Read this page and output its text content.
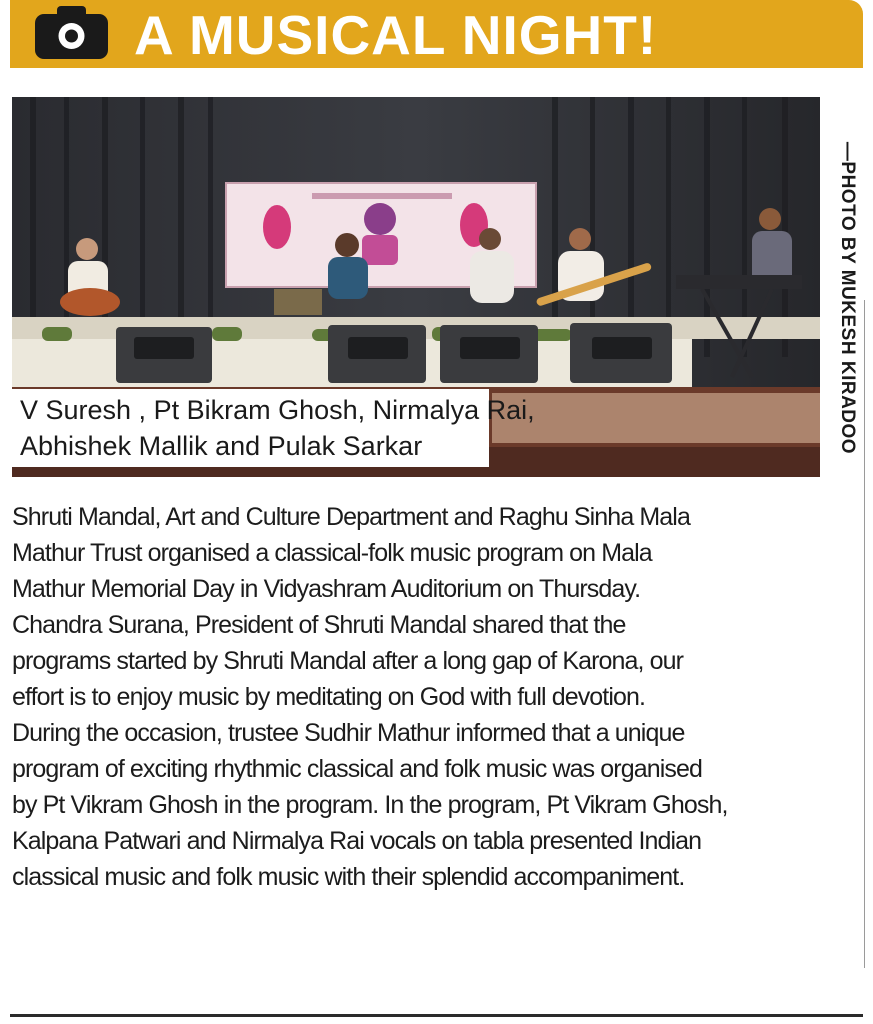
A MUSICAL NIGHT!
V Suresh , Pt Bikram Ghosh, Nirmalya Rai,
Abhishek Mallik and Pulak Sarkar	—PHOTO BY MUKESH KIRADOO
Shruti Mandal, Art and Culture Department and Raghu Sinha Mala
Mathur Trust organised a classical-folk music program on Mala
Mathur Memorial Day in Vidyashram Auditorium on Thursday.
Chandra Surana, President of Shruti Mandal shared that the
programs started by Shruti Mandal after a long gap of Karona, our
effort is to enjoy music by meditating on God with full devotion.
During the occasion, trustee Sudhir Mathur informed that a unique
program of exciting rhythmic classical and folk music was organised
by Pt Vikram Ghosh in the program. In the program, Pt Vikram Ghosh,
Kalpana Patwari and Nirmalya Rai vocals on tabla presented Indian
classical music and folk music with their splendid accompaniment.
